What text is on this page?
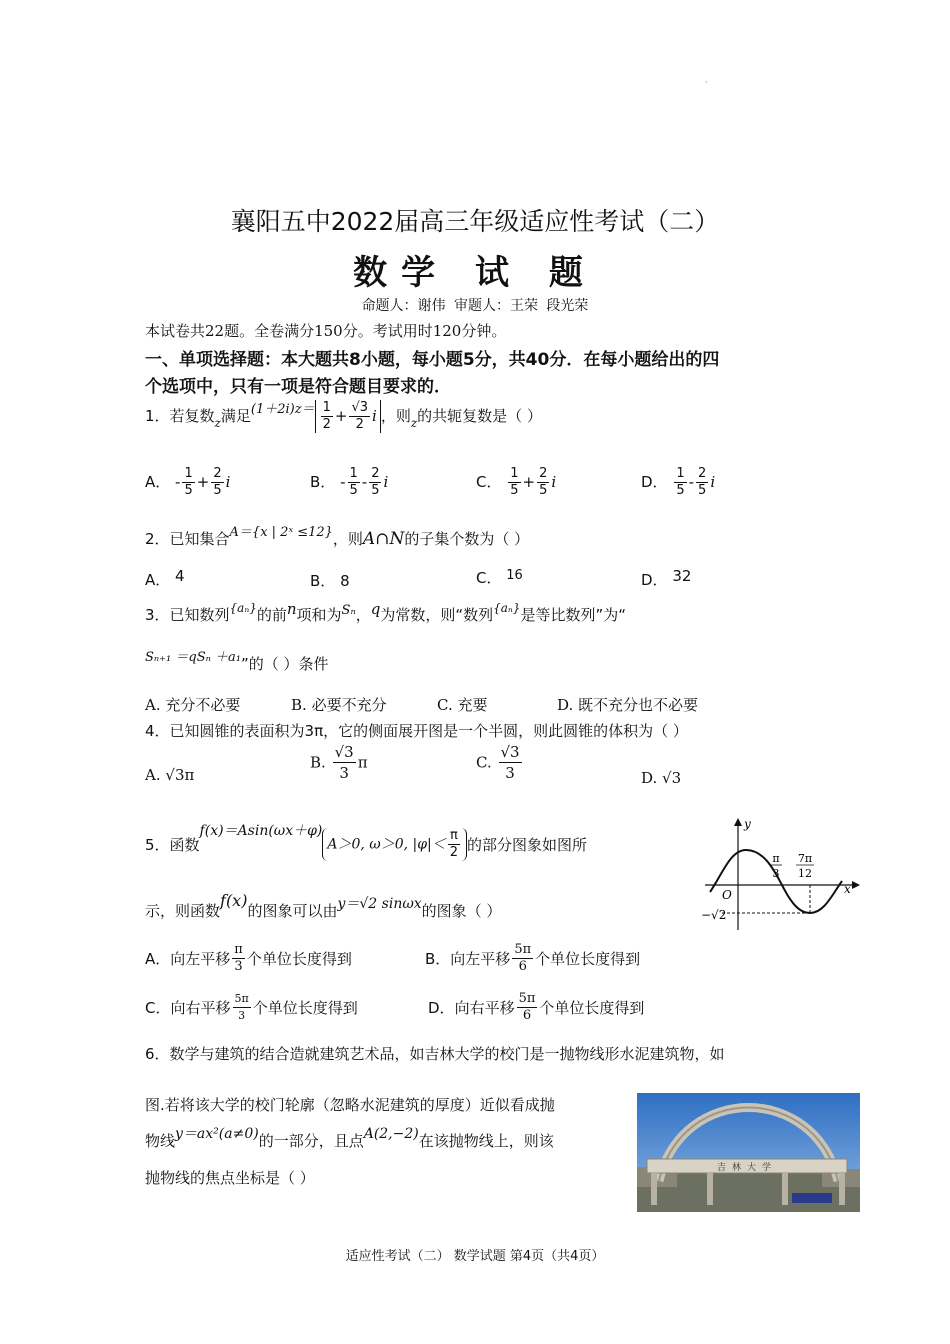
·
襄阳五中2022届高三年级适应性考试（二）
数学 试 题
命题人：谢伟 审题人：王荣 段光荣
本试卷共22题。全卷满分150分。考试用时120分钟。
一、单项选择题：本大题共8小题，每小题5分，共40分．在每小题给出的四
个选项中，只有一项是符合题目要求的．
1．若复数$_z$满足$(1+2i)z= \frac{1}{2} + \frac{√3}{2}$ i ，则$_z$的共轭复数是（ ）
A． - $\frac{1}{5} + \frac{2}{5}$ i	B． - $\frac{1}{5} - \frac{2}{5}$ i	C． $\frac{1}{5} + \frac{2}{5}$ i	D． $\frac{1}{5} - \frac{2}{5}$ i
2．已知集合A＝{x | 2ˣ ≤12}，则A∩N的子集个数为（ ）
A． 4	B． 8	C． 16	D． 32
3．已知数列$^{\{a_n\}}$的前n项和为Sₙ，q为常数，则“数列$^{\{a_n\}}$是等比数列”为“
Sₙ₊₁ ＝qSₙ ＋a₁”的（ ）条件
A. 充分不必要	B. 必要不充分	C. 充要	D. 既不充分也不必要
4．已知圆锥的表面积为3π，它的侧面展开图是一个半圆，则此圆锥的体积为（ ）
A. √3π
B. $\frac{√3}{3}$ π	C. $\frac{√3}{3}$	D. √3
5．函数f(x)＝Asin(ωx＋φ)A＞0, ω＞0, $|\varphi|< \frac{\pi}{2}$ 的部分图象如图所
示，则函数f(x)的图象可以由y＝√2 sinωx的图象（ ）
y
x
O
π
3
7π
12
−√2
A．向左平移 $\frac{\pi}{3}$ 个单位长度得到	B．向左平移 $\frac{5\pi}{6}$ 个单位长度得到
C．向右平移 $\frac{5\pi}{3}$ 个单位长度得到	D．向右平移 $\frac{5\pi}{6}$ 个单位长度得到
6．数学与建筑的结合造就建筑艺术品，如吉林大学的校门是一抛物线形水泥建筑物，如
图.若将该大学的校门轮廓（忽略水泥建筑的厚度）近似看成抛
物线y＝ax²(a≠0)的一部分，且点A(2,−2)在该抛物线上，则该
抛物线的焦点坐标是（ ）
吉林大学
适应性考试（二） 数学试题 第4页（共4页）
